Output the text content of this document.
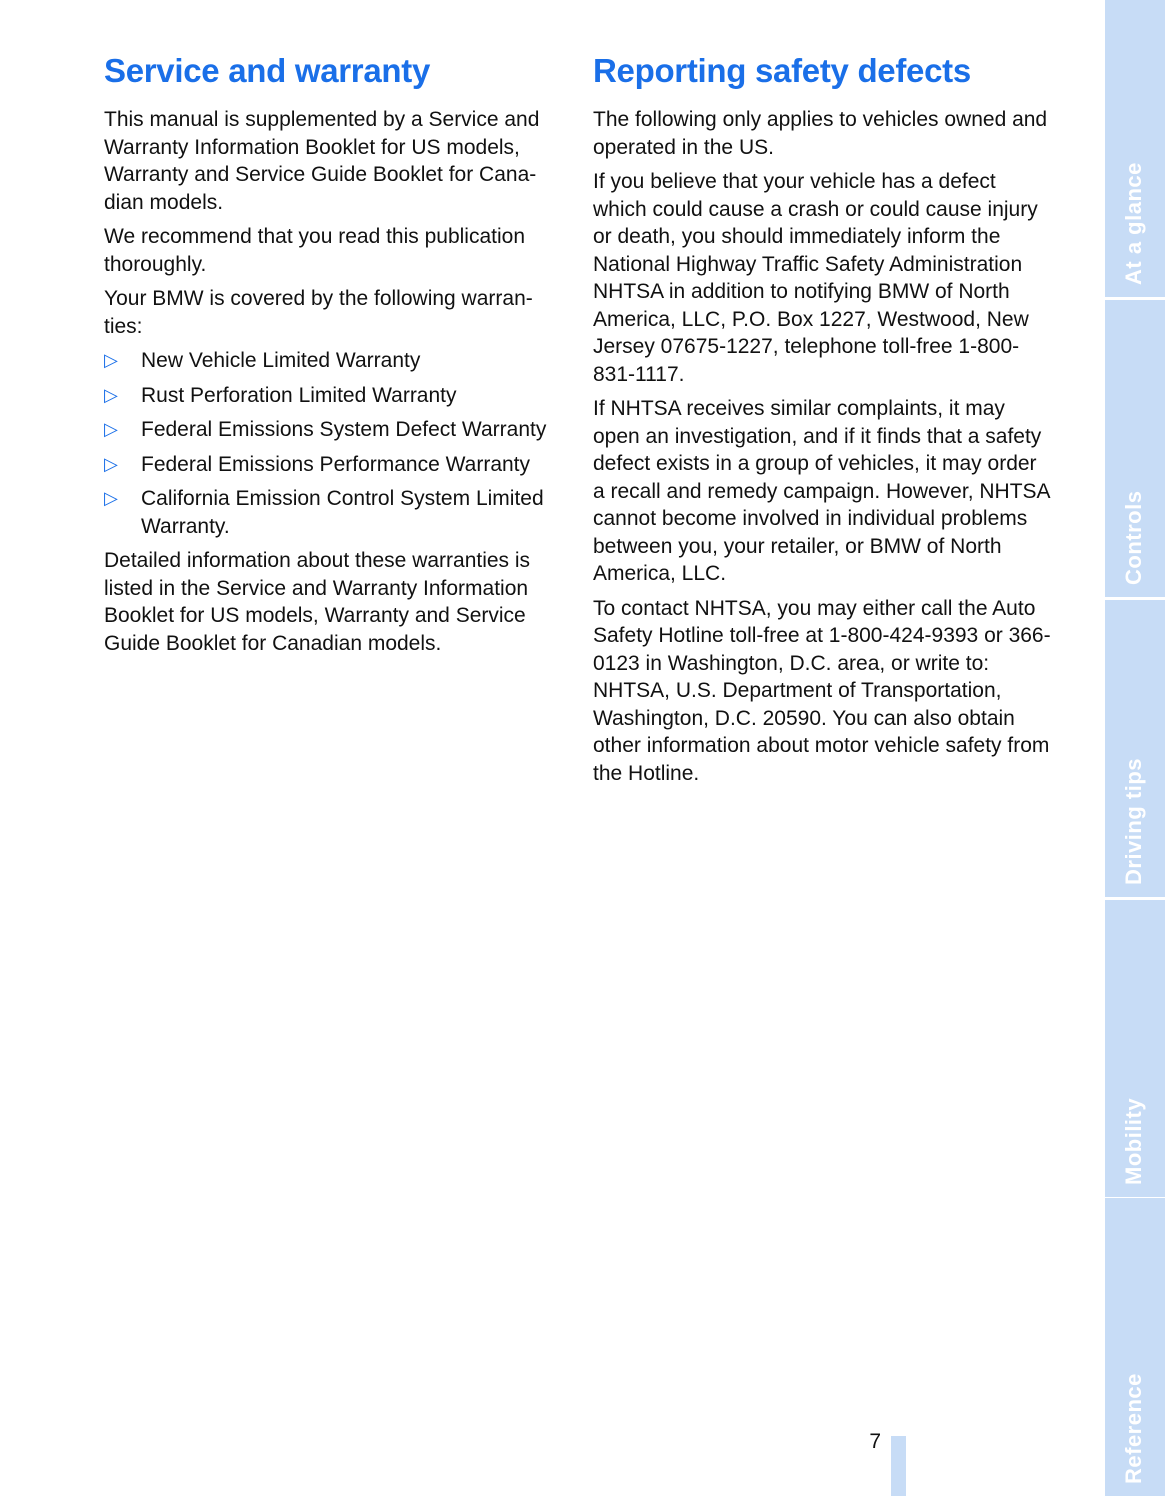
Service and warranty

This manual is supplemented by a Service and Warranty Information Booklet for US models, Warranty and Service Guide Booklet for Cana-dian models.

We recommend that you read this publication thoroughly.

Your BMW is covered by the following warran-ties:

▷ New Vehicle Limited Warranty
▷ Rust Perforation Limited Warranty
▷ Federal Emissions System Defect Warranty
▷ Federal Emissions Performance Warranty
▷ California Emission Control System Limited Warranty.

Detailed information about these warranties is listed in the Service and Warranty Information Booklet for US models, Warranty and Service Guide Booklet for Canadian models.

Reporting safety defects

The following only applies to vehicles owned and operated in the US.

If you believe that your vehicle has a defect which could cause a crash or could cause injury or death, you should immediately inform the National Highway Traffic Safety Administration NHTSA in addition to notifying BMW of North America, LLC, P.O. Box 1227, Westwood, New Jersey 07675-1227, telephone toll-free 1-800-831-1117.

If NHTSA receives similar complaints, it may open an investigation, and if it finds that a safety defect exists in a group of vehicles, it may order a recall and remedy campaign. However, NHTSA cannot become involved in individual problems between you, your retailer, or BMW of North America, LLC.

To contact NHTSA, you may either call the Auto Safety Hotline toll-free at 1-800-424-9393 or 366-0123 in Washington, D.C. area, or write to: NHTSA, U.S. Department of Transportation, Washington, D.C. 20590. You can also obtain other information about motor vehicle safety from the Hotline.

At a glance
Controls
Driving tips
Mobility
Reference
7
